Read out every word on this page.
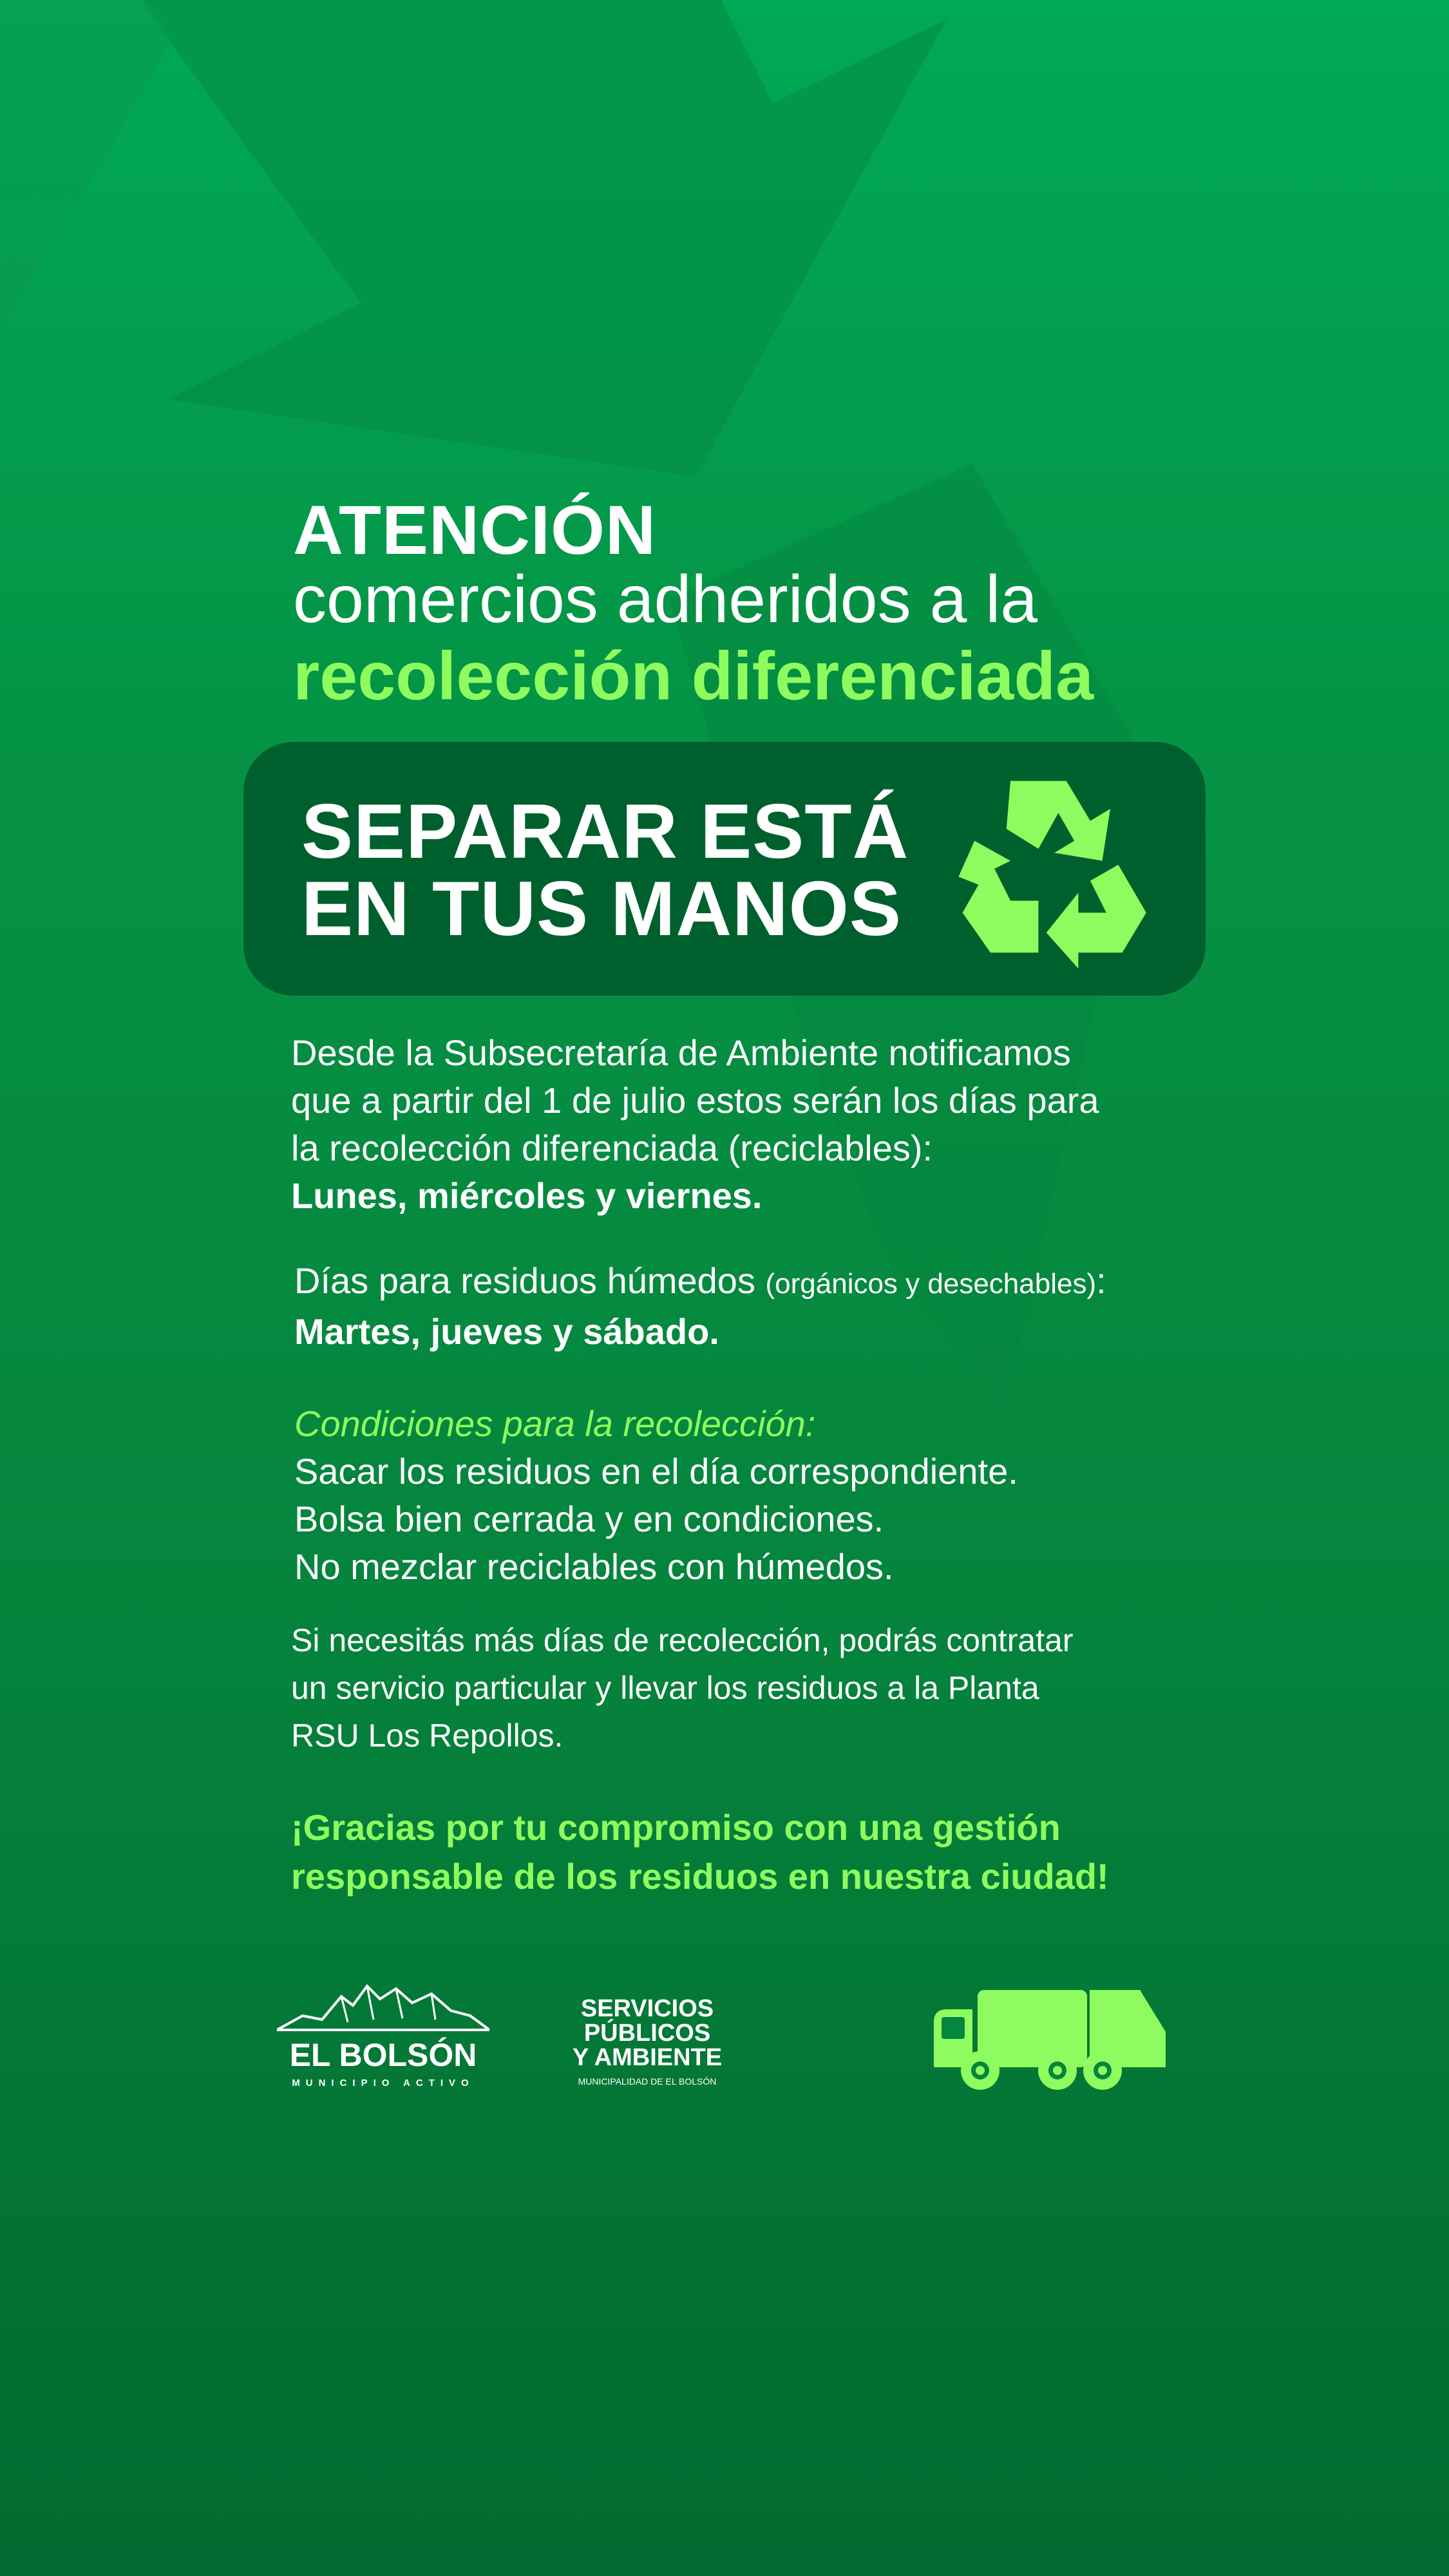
ATENCIÓN
comercios adheridos a la
recolección diferenciada
SEPARAR ESTÁ
EN TUS MANOS
Desde la Subsecretaría de Ambiente notificamos
que a partir del 1 de julio estos serán los días para
la recolección diferenciada (reciclables):
Lunes, miércoles y viernes.
Días para residuos húmedos (orgánicos y desechables):
Martes, jueves y sábado.
Condiciones para la recolección:
Sacar los residuos en el día correspondiente.
Bolsa bien cerrada y en condiciones.
No mezclar reciclables con húmedos.
Si necesitás más días de recolección, podrás contratar
un servicio particular y llevar los residuos a la Planta
RSU Los Repollos.
¡Gracias por tu compromiso con una gestión
responsable de los residuos en nuestra ciudad!
EL BOLSÓN
MUNICIPIO ACTIVO
SERVICIOS
PÚBLICOS
Y AMBIENTE
MUNICIPALIDAD DE EL BOLSÓN
